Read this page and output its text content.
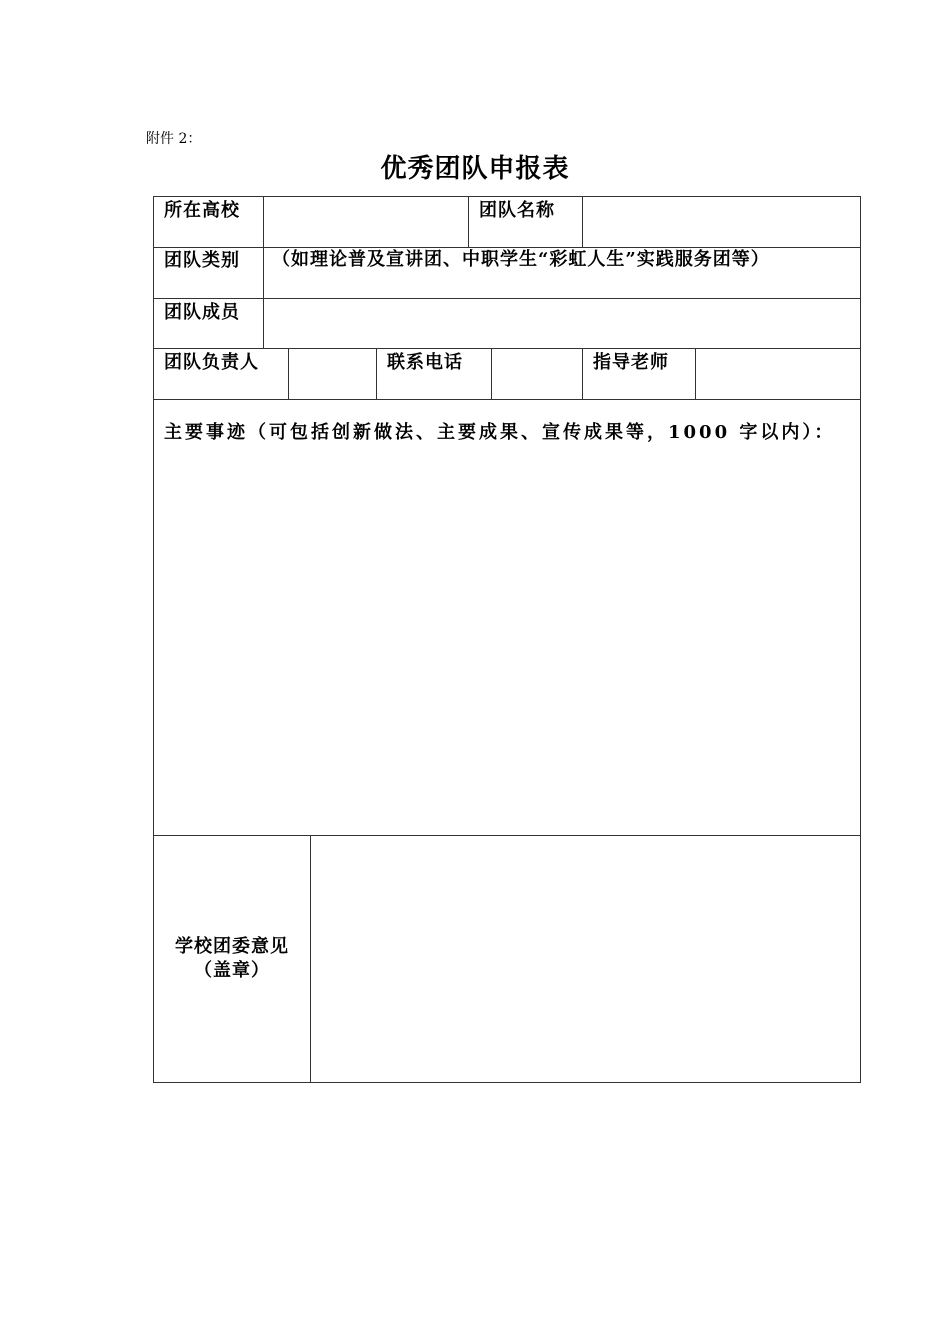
附件 2：
优秀团队申报表
所在高校	团队名称
团队类别	（如理论普及宣讲团、中职学生“彩虹人生”实践服务团等）
团队成员
团队负责人	联系电话	指导老师
主要事迹（可包括创新做法、主要成果、宣传成果等，1000 字以内）：
学校团委意见
（盖章）
